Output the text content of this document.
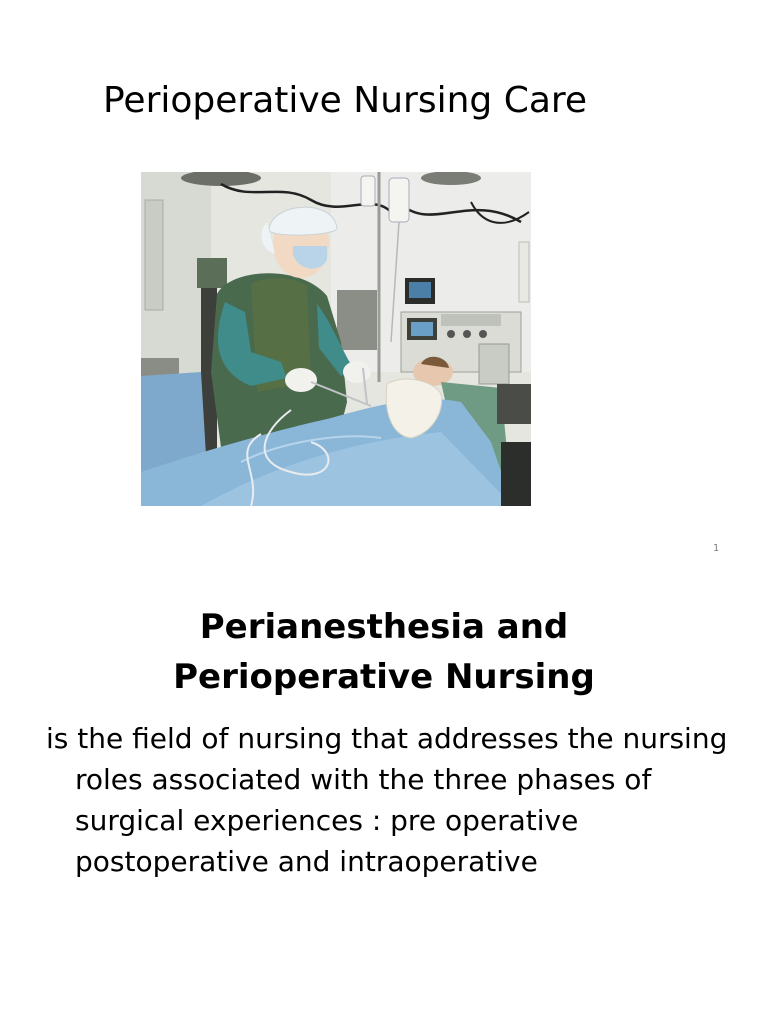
Perioperative Nursing Care
1
Perianesthesia and
Perioperative Nursing

is the field of nursing that addresses the nursing
roles associated with the three phases of
surgical experiences : pre operative
postoperative and intraoperative
